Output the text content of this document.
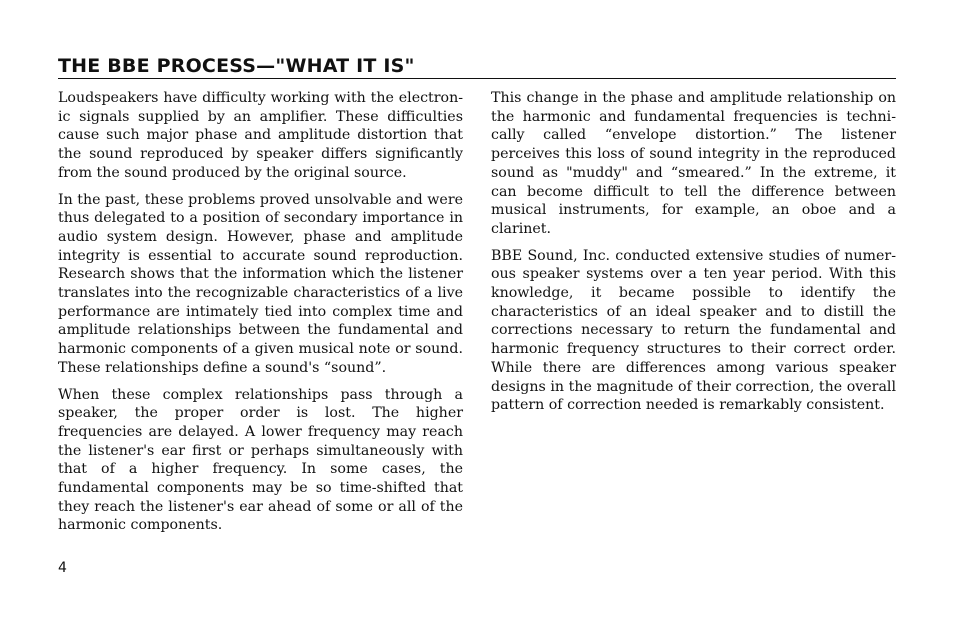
THE BBE PROCESS—"WHAT IT IS"

Loudspeakers have difficulty working with the electronic signals supplied by an amplifier. These difficulties cause such major phase and amplitude distortion that the sound reproduced by speaker differs significantly from the sound produced by the original source.

In the past, these problems proved unsolvable and were thus delegated to a position of secondary importance in audio system design. However, phase and amplitude integrity is essential to accurate sound reproduction. Research shows that the information which the listener translates into the recognizable characteristics of a live performance are intimately tied into complex time and amplitude relationships between the fundamental and harmonic components of a given musical note or sound. These relationships define a sound's “sound”.

When these complex relationships pass through a speaker, the proper order is lost. The higher frequencies are delayed. A lower frequency may reach the listener's ear first or perhaps simultaneously with that of a higher frequency. In some cases, the fundamental components may be so time-shifted that they reach the listener's ear ahead of some or all of the harmonic components.

This change in the phase and amplitude relationship on the harmonic and fundamental frequencies is technically called “envelope distortion.” The listener perceives this loss of sound integrity in the reproduced sound as "muddy" and “smeared.” In the extreme, it can become difficult to tell the difference between musical instruments, for example, an oboe and a clarinet.

BBE Sound, Inc. conducted extensive studies of numerous speaker systems over a ten year period. With this knowledge, it became possible to identify the characteristics of an ideal speaker and to distill the corrections necessary to return the fundamental and harmonic frequency structures to their correct order. While there are differences among various speaker designs in the magnitude of their correction, the overall pattern of correction needed is remarkably consistent.

4
